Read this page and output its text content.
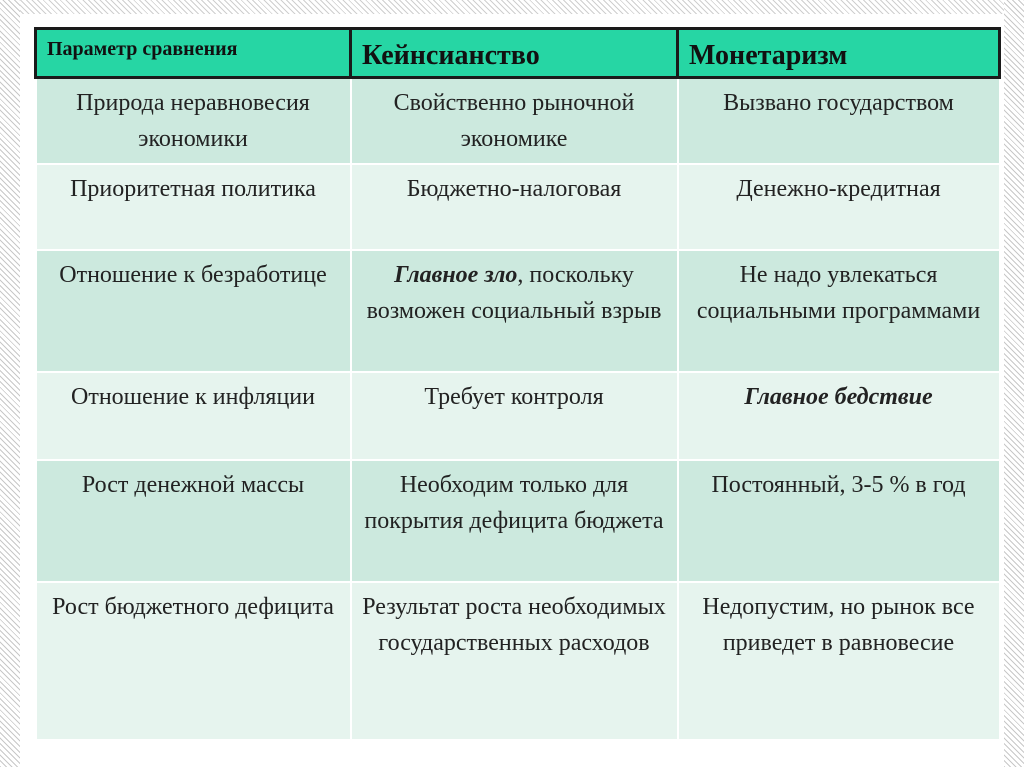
Параметр сравнения	Кейнсианство	Монетаризм
Природа неравновесия экономики	Свойственно рыночной экономике	Вызвано государством
Приоритетная политика	Бюджетно-налоговая	Денежно-кредитная
Отношение к безработице	Главное зло, поскольку возможен социальный взрыв	Не надо увлекаться социальными программами
Отношение к инфляции	Требует контроля	Главное бедствие
Рост денежной массы	Необходим только для покрытия дефицита бюджета	Постоянный, 3-5 % в год
Рост бюджетного дефицита	Результат роста необходимых государственных расходов	Недопустим, но рынок все приведет в равновесие
